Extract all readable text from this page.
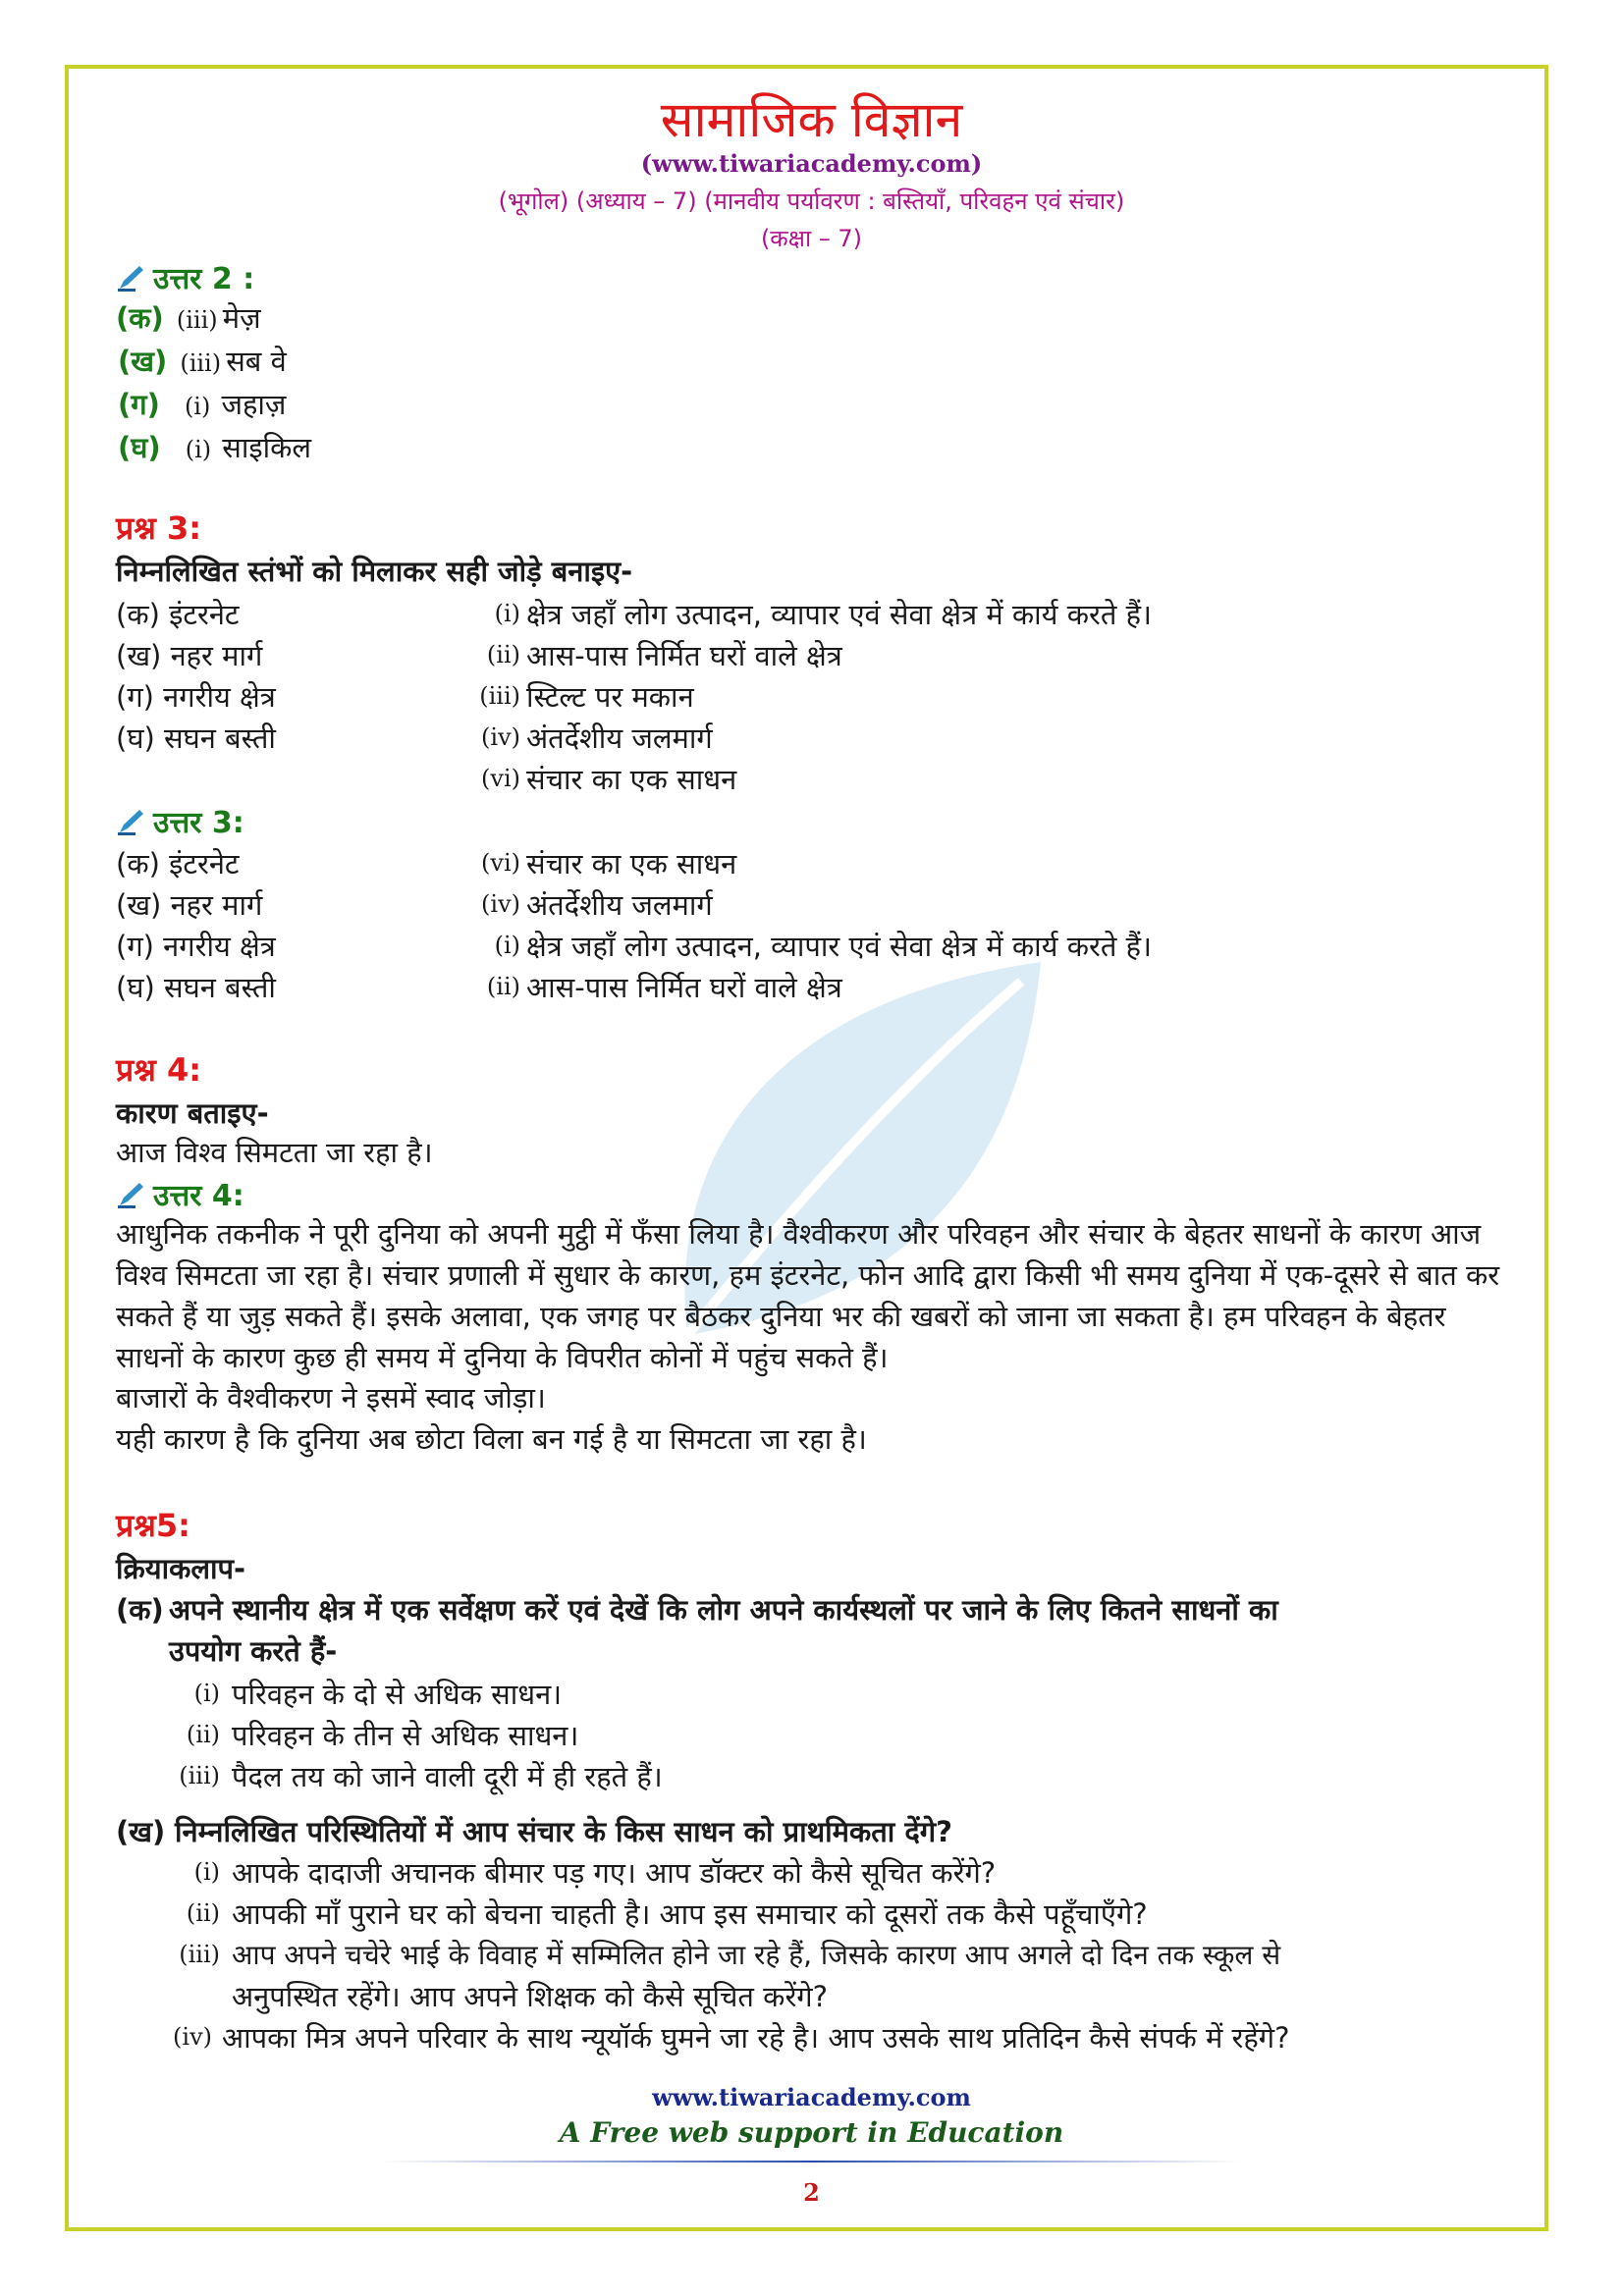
सामाजिक विज्ञान
(www.tiwariacademy.com)
(भूगोल) (अध्याय – 7) (मानवीय पर्यावरण : बस्तियाँ, परिवहन एवं संचार)
(कक्षा – 7)
उत्तर 2 :
(क) (iii) मेज़
(ख) (iii) सब वे
(ग) (i) जहाज़
(घ) (i) साइकिल
प्रश्न 3:
निम्नलिखित स्तंभों को मिलाकर सही जोड़े बनाइए-
(क) इंटरनेट	(i) क्षेत्र जहाँ लोग उत्पादन, व्यापार एवं सेवा क्षेत्र में कार्य करते हैं।
(ख) नहर मार्ग	(ii) आस-पास निर्मित घरों वाले क्षेत्र
(ग) नगरीय क्षेत्र	(iii) स्टिल्ट पर मकान
(घ) सघन बस्ती	(iv) अंतर्देशीय जलमार्ग
(vi) संचार का एक साधन
उत्तर 3:
(क) इंटरनेट	(vi) संचार का एक साधन
(ख) नहर मार्ग	(iv) अंतर्देशीय जलमार्ग
(ग) नगरीय क्षेत्र	(i) क्षेत्र जहाँ लोग उत्पादन, व्यापार एवं सेवा क्षेत्र में कार्य करते हैं।
(घ) सघन बस्ती	(ii) आस-पास निर्मित घरों वाले क्षेत्र
प्रश्न 4:
कारण बताइए-
आज विश्व सिमटता जा रहा है।
उत्तर 4:
आधुनिक तकनीक ने पूरी दुनिया को अपनी मुट्ठी में फँसा लिया है। वैश्वीकरण और परिवहन और संचार के बेहतर साधनों के कारण आज विश्व सिमटता जा रहा है। संचार प्रणाली में सुधार के कारण, हम इंटरनेट, फोन आदि द्वारा किसी भी समय दुनिया में एक-दूसरे से बात कर सकते हैं या जुड़ सकते हैं। इसके अलावा, एक जगह पर बैठकर दुनिया भर की खबरों को जाना जा सकता है। हम परिवहन के बेहतर साधनों के कारण कुछ ही समय में दुनिया के विपरीत कोनों में पहुंच सकते हैं।
बाजारों के वैश्वीकरण ने इसमें स्वाद जोड़ा।
यही कारण है कि दुनिया अब छोटा विला बन गई है या सिमटता जा रहा है।
प्रश्न5:
क्रियाकलाप-
(क) अपने स्थानीय क्षेत्र में एक सर्वेक्षण करें एवं देखें कि लोग अपने कार्यस्थलों पर जाने के लिए कितने साधनों का
उपयोग करते हैं-
(i) परिवहन के दो से अधिक साधन।
(ii) परिवहन के तीन से अधिक साधन।
(iii) पैदल तय को जाने वाली दूरी में ही रहते हैं।
(ख) निम्नलिखित परिस्थितियों में आप संचार के किस साधन को प्राथमिकता देंगे?
(i) आपके दादाजी अचानक बीमार पड़ गए। आप डॉक्टर को कैसे सूचित करेंगे?
(ii) आपकी माँ पुराने घर को बेचना चाहती है। आप इस समाचार को दूसरों तक कैसे पहूँचाएँगे?
(iii) आप अपने चचेरे भाई के विवाह में सम्मिलित होने जा रहे हैं, जिसके कारण आप अगले दो दिन तक स्कूल से
अनुपस्थित रहेंगे। आप अपने शिक्षक को कैसे सूचित करेंगे?
(iv) आपका मित्र अपने परिवार के साथ न्यूयॉर्क घुमने जा रहे है। आप उसके साथ प्रतिदिन कैसे संपर्क में रहेंगे?
www.tiwariacademy.com
A Free web support in Education
2
